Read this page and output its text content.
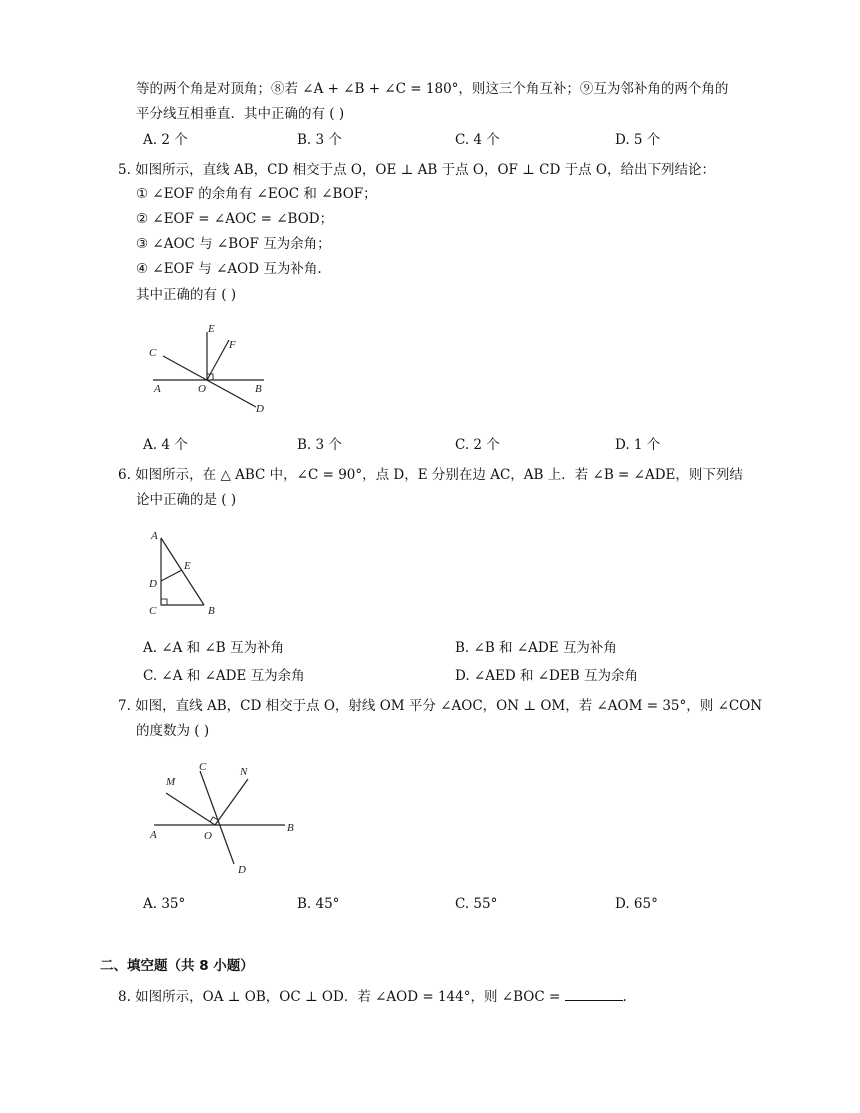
等的两个角是对顶角；⑧若 ∠A + ∠B + ∠C = 180°，则这三个角互补；⑨互为邻补角的两个角的
平分线互相垂直．其中正确的有 ( )
A. 2 个	B. 3 个	C. 4 个	D. 5 个
5. 如图所示，直线 AB，CD 相交于点 O，OE ⊥ AB 于点 O，OF ⊥ CD 于点 O，给出下列结论：
① ∠EOF 的余角有 ∠EOC 和 ∠BOF；
② ∠EOF = ∠AOC = ∠BOD；
③ ∠AOC 与 ∠BOF 互为余角；
④ ∠EOF 与 ∠AOD 互为补角.
其中正确的有 ( )
C
E
F
A	O	B
D
A. 4 个	B. 3 个	C. 2 个	D. 1 个
6. 如图所示，在 △ ABC 中，∠C = 90°，点 D，E 分别在边 AC，AB 上．若 ∠B = ∠ADE，则下列结
论中正确的是 ( )
A
E
D
C	B
A. ∠A 和 ∠B 互为补角	B. ∠B 和 ∠ADE 互为补角
C. ∠A 和 ∠ADE 互为余角	D. ∠AED 和 ∠DEB 互为余角
7. 如图，直线 AB，CD 相交于点 O，射线 OM 平分 ∠AOC，ON ⊥ OM，若 ∠AOM = 35°，则 ∠CON
的度数为 ( )
M
C	N
A	O
B
D
A. 35°	B. 45°	C. 55°	D. 65°
二、填空题（共 8 小题）
8. 如图所示，OA ⊥ OB，OC ⊥ OD．若 ∠AOD = 144°，则 ∠BOC =	.
